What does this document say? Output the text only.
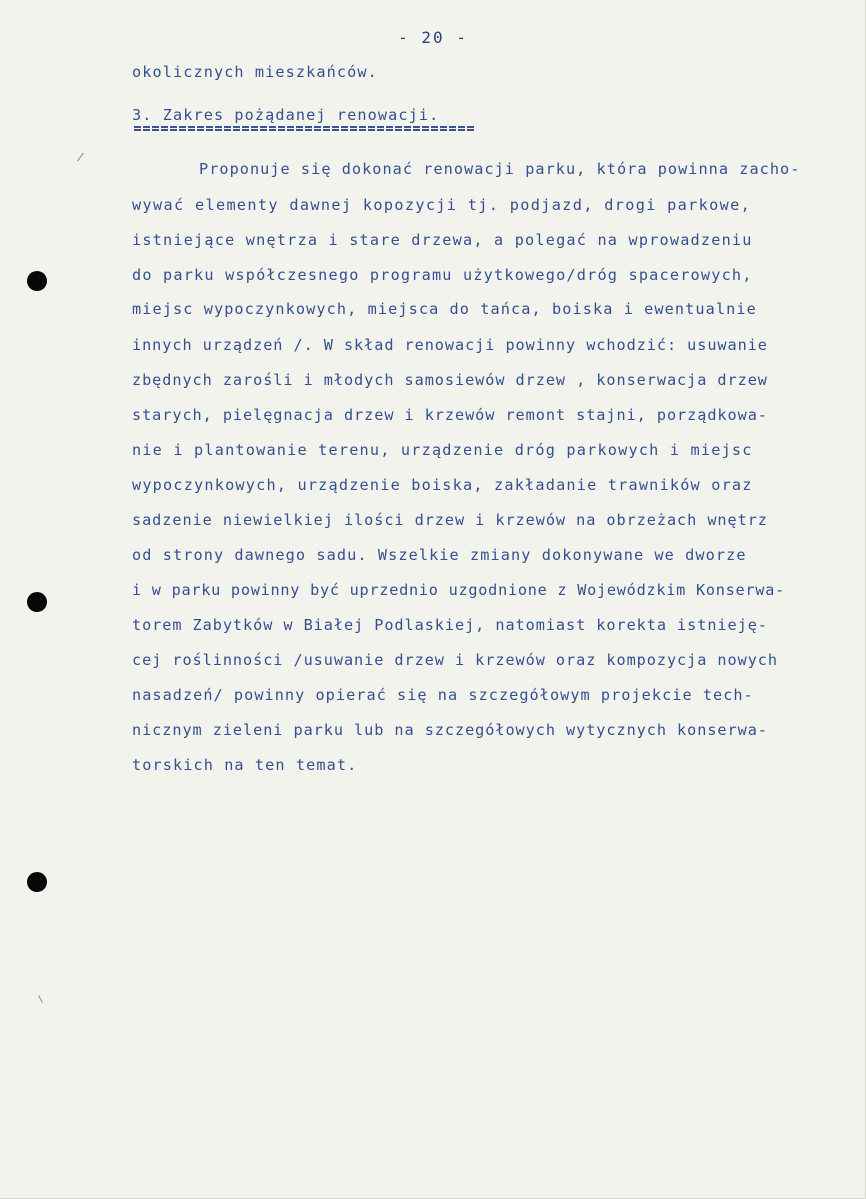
- 20 -
okolicznych mieszkańców.
3. Zakres pożądanej renowacji.
Proponuje się dokonać renowacji parku, która powinna zacho-
wywać elementy dawnej kopozycji tj. podjazd, drogi parkowe,
istniejące wnętrza i stare drzewa, a polegać na wprowadzeniu
do parku współczesnego programu użytkowego/dróg spacerowych,
miejsc wypoczynkowych, miejsca do tańca, boiska i ewentualnie
innych urządzeń /. W skład renowacji powinny wchodzić: usuwanie
zbędnych zarośli i młodych samosiewów drzew , konserwacja drzew
starych, pielęgnacja drzew i krzewów remont stajni, porządkowa-
nie i plantowanie terenu, urządzenie dróg parkowych i miejsc
wypoczynkowych, urządzenie boiska, zakładanie trawników oraz
sadzenie niewielkiej ilości drzew i krzewów na obrzeżach wnętrz
od strony dawnego sadu. Wszelkie zmiany dokonywane we dworze
i w parku powinny być uprzednio uzgodnione z Wojewódzkim Konserwa-
torem Zabytków w Białej Podlaskiej, natomiast korekta istnieję-
cej roślinności /usuwanie drzew i krzewów oraz kompozycja nowych
nasadzeń/ powinny opierać się na szczegółowym projekcie tech-
nicznym zieleni parku lub na szczegółowych wytycznych konserwa-
torskich na ten temat.
